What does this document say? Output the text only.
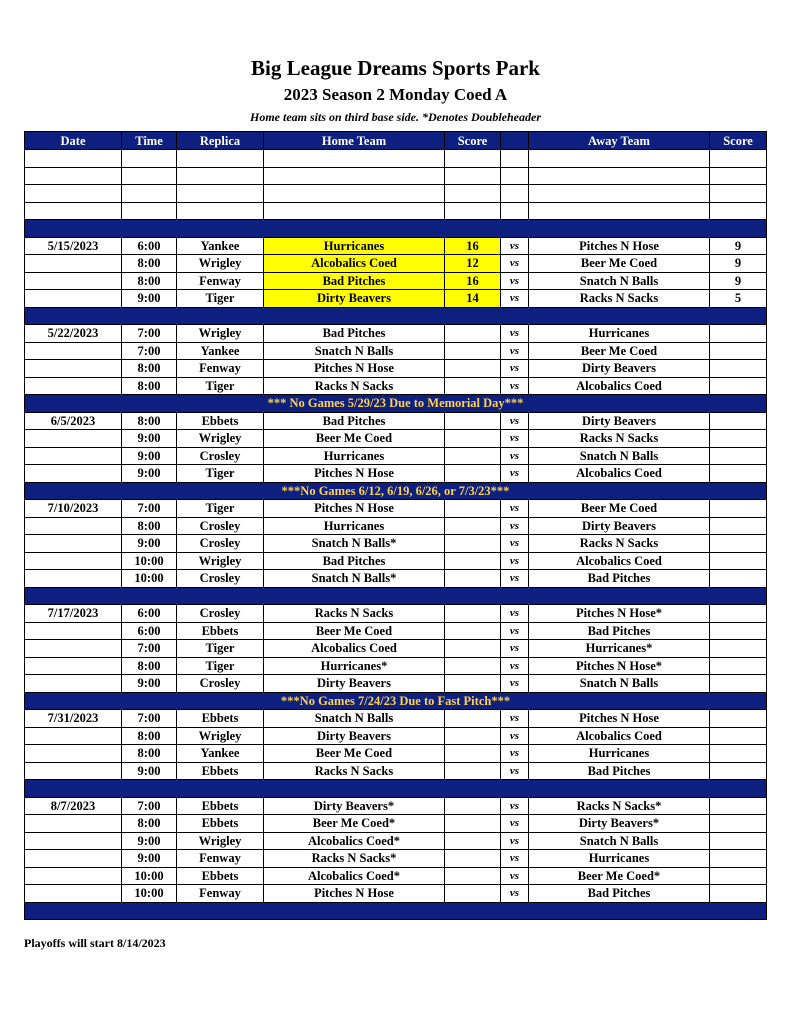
Big League Dreams Sports Park
2023 Season 2 Monday Coed A
Home team sits on third base side. *Denotes Doubleheader
Date	Time	Replica	Home Team	Score		Away Team	Score

5/15/2023	6:00	Yankee	Hurricanes	16	vs	Pitches N Hose	9
	8:00	Wrigley	Alcobalics Coed	12	vs	Beer Me Coed	9
	8:00	Fenway	Bad Pitches	16	vs	Snatch N Balls	9
	9:00	Tiger	Dirty Beavers	14	vs	Racks N Sacks	5

5/22/2023	7:00	Wrigley	Bad Pitches		vs	Hurricanes	
	7:00	Yankee	Snatch N Balls		vs	Beer Me Coed	
	8:00	Fenway	Pitches N Hose		vs	Dirty Beavers	
	8:00	Tiger	Racks N Sacks		vs	Alcobalics Coed	
*** No Games 5/29/23 Due to Memorial Day***							
6/5/2023	8:00	Ebbets	Bad Pitches		vs	Dirty Beavers	
	9:00	Wrigley	Beer Me Coed		vs	Racks N Sacks	
	9:00	Crosley	Hurricanes		vs	Snatch N Balls	
	9:00	Tiger	Pitches N Hose		vs	Alcobalics Coed	
***No Games 6/12, 6/19, 6/26, or 7/3/23***							
7/10/2023	7:00	Tiger	Pitches N Hose		vs	Beer Me Coed	
	8:00	Crosley	Hurricanes		vs	Dirty Beavers	
	9:00	Crosley	Snatch N Balls*		vs	Racks N Sacks	
	10:00	Wrigley	Bad Pitches		vs	Alcobalics Coed	
	10:00	Crosley	Snatch N Balls*		vs	Bad Pitches	

7/17/2023	6:00	Crosley	Racks N Sacks		vs	Pitches N Hose*	
	6:00	Ebbets	Beer Me Coed		vs	Bad Pitches	
	7:00	Tiger	Alcobalics Coed		vs	Hurricanes*	
	8:00	Tiger	Hurricanes*		vs	Pitches N Hose*	
	9:00	Crosley	Dirty Beavers		vs	Snatch N Balls	
***No Games 7/24/23 Due to Fast Pitch***							
7/31/2023	7:00	Ebbets	Snatch N Balls		vs	Pitches N Hose	
	8:00	Wrigley	Dirty Beavers		vs	Alcobalics Coed	
	8:00	Yankee	Beer Me Coed		vs	Hurricanes	
	9:00	Ebbets	Racks N Sacks		vs	Bad Pitches	

8/7/2023	7:00	Ebbets	Dirty Beavers*		vs	Racks N Sacks*	
	8:00	Ebbets	Beer Me Coed*		vs	Dirty Beavers*	
	9:00	Wrigley	Alcobalics Coed*		vs	Snatch N Balls	
	9:00	Fenway	Racks N Sacks*		vs	Hurricanes	
	10:00	Ebbets	Alcobalics Coed*		vs	Beer Me Coed*	
	10:00	Fenway	Pitches N Hose		vs	Bad Pitches	

Playoffs will start 8/14/2023
